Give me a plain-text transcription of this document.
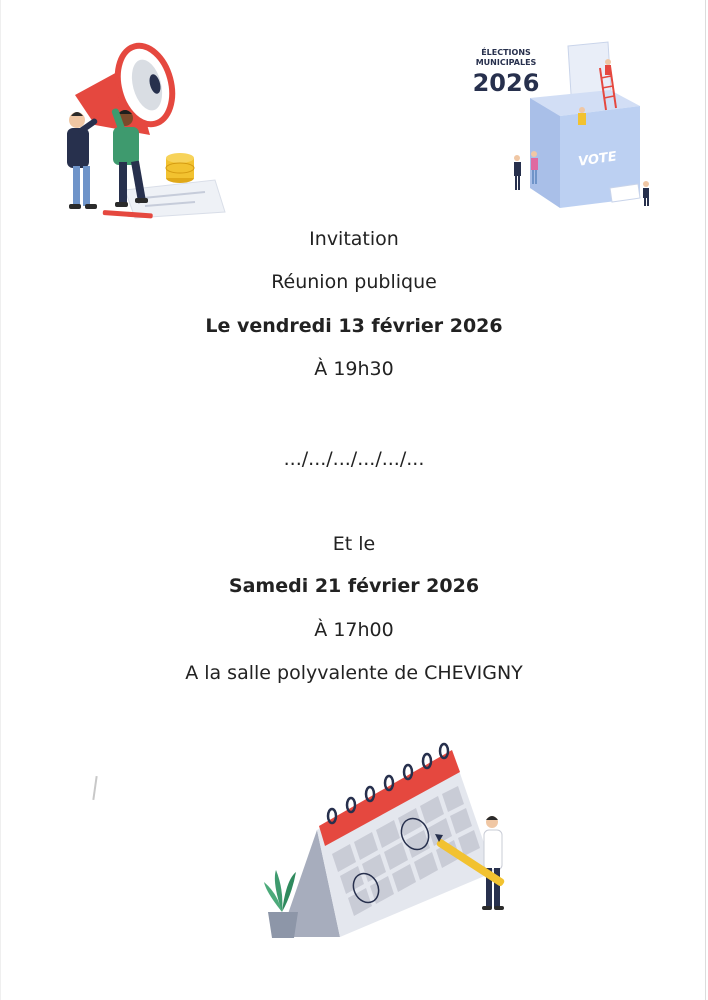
ÉLECTIONS
MUNICIPALES
2026
VOTE
Invitation
Réunion publique
Le vendredi 13 février 2026
À 19h30
.../.../.../.../.../...
Et le
Samedi 21 février 2026
À 17h00
A la salle polyvalente de CHEVIGNY
